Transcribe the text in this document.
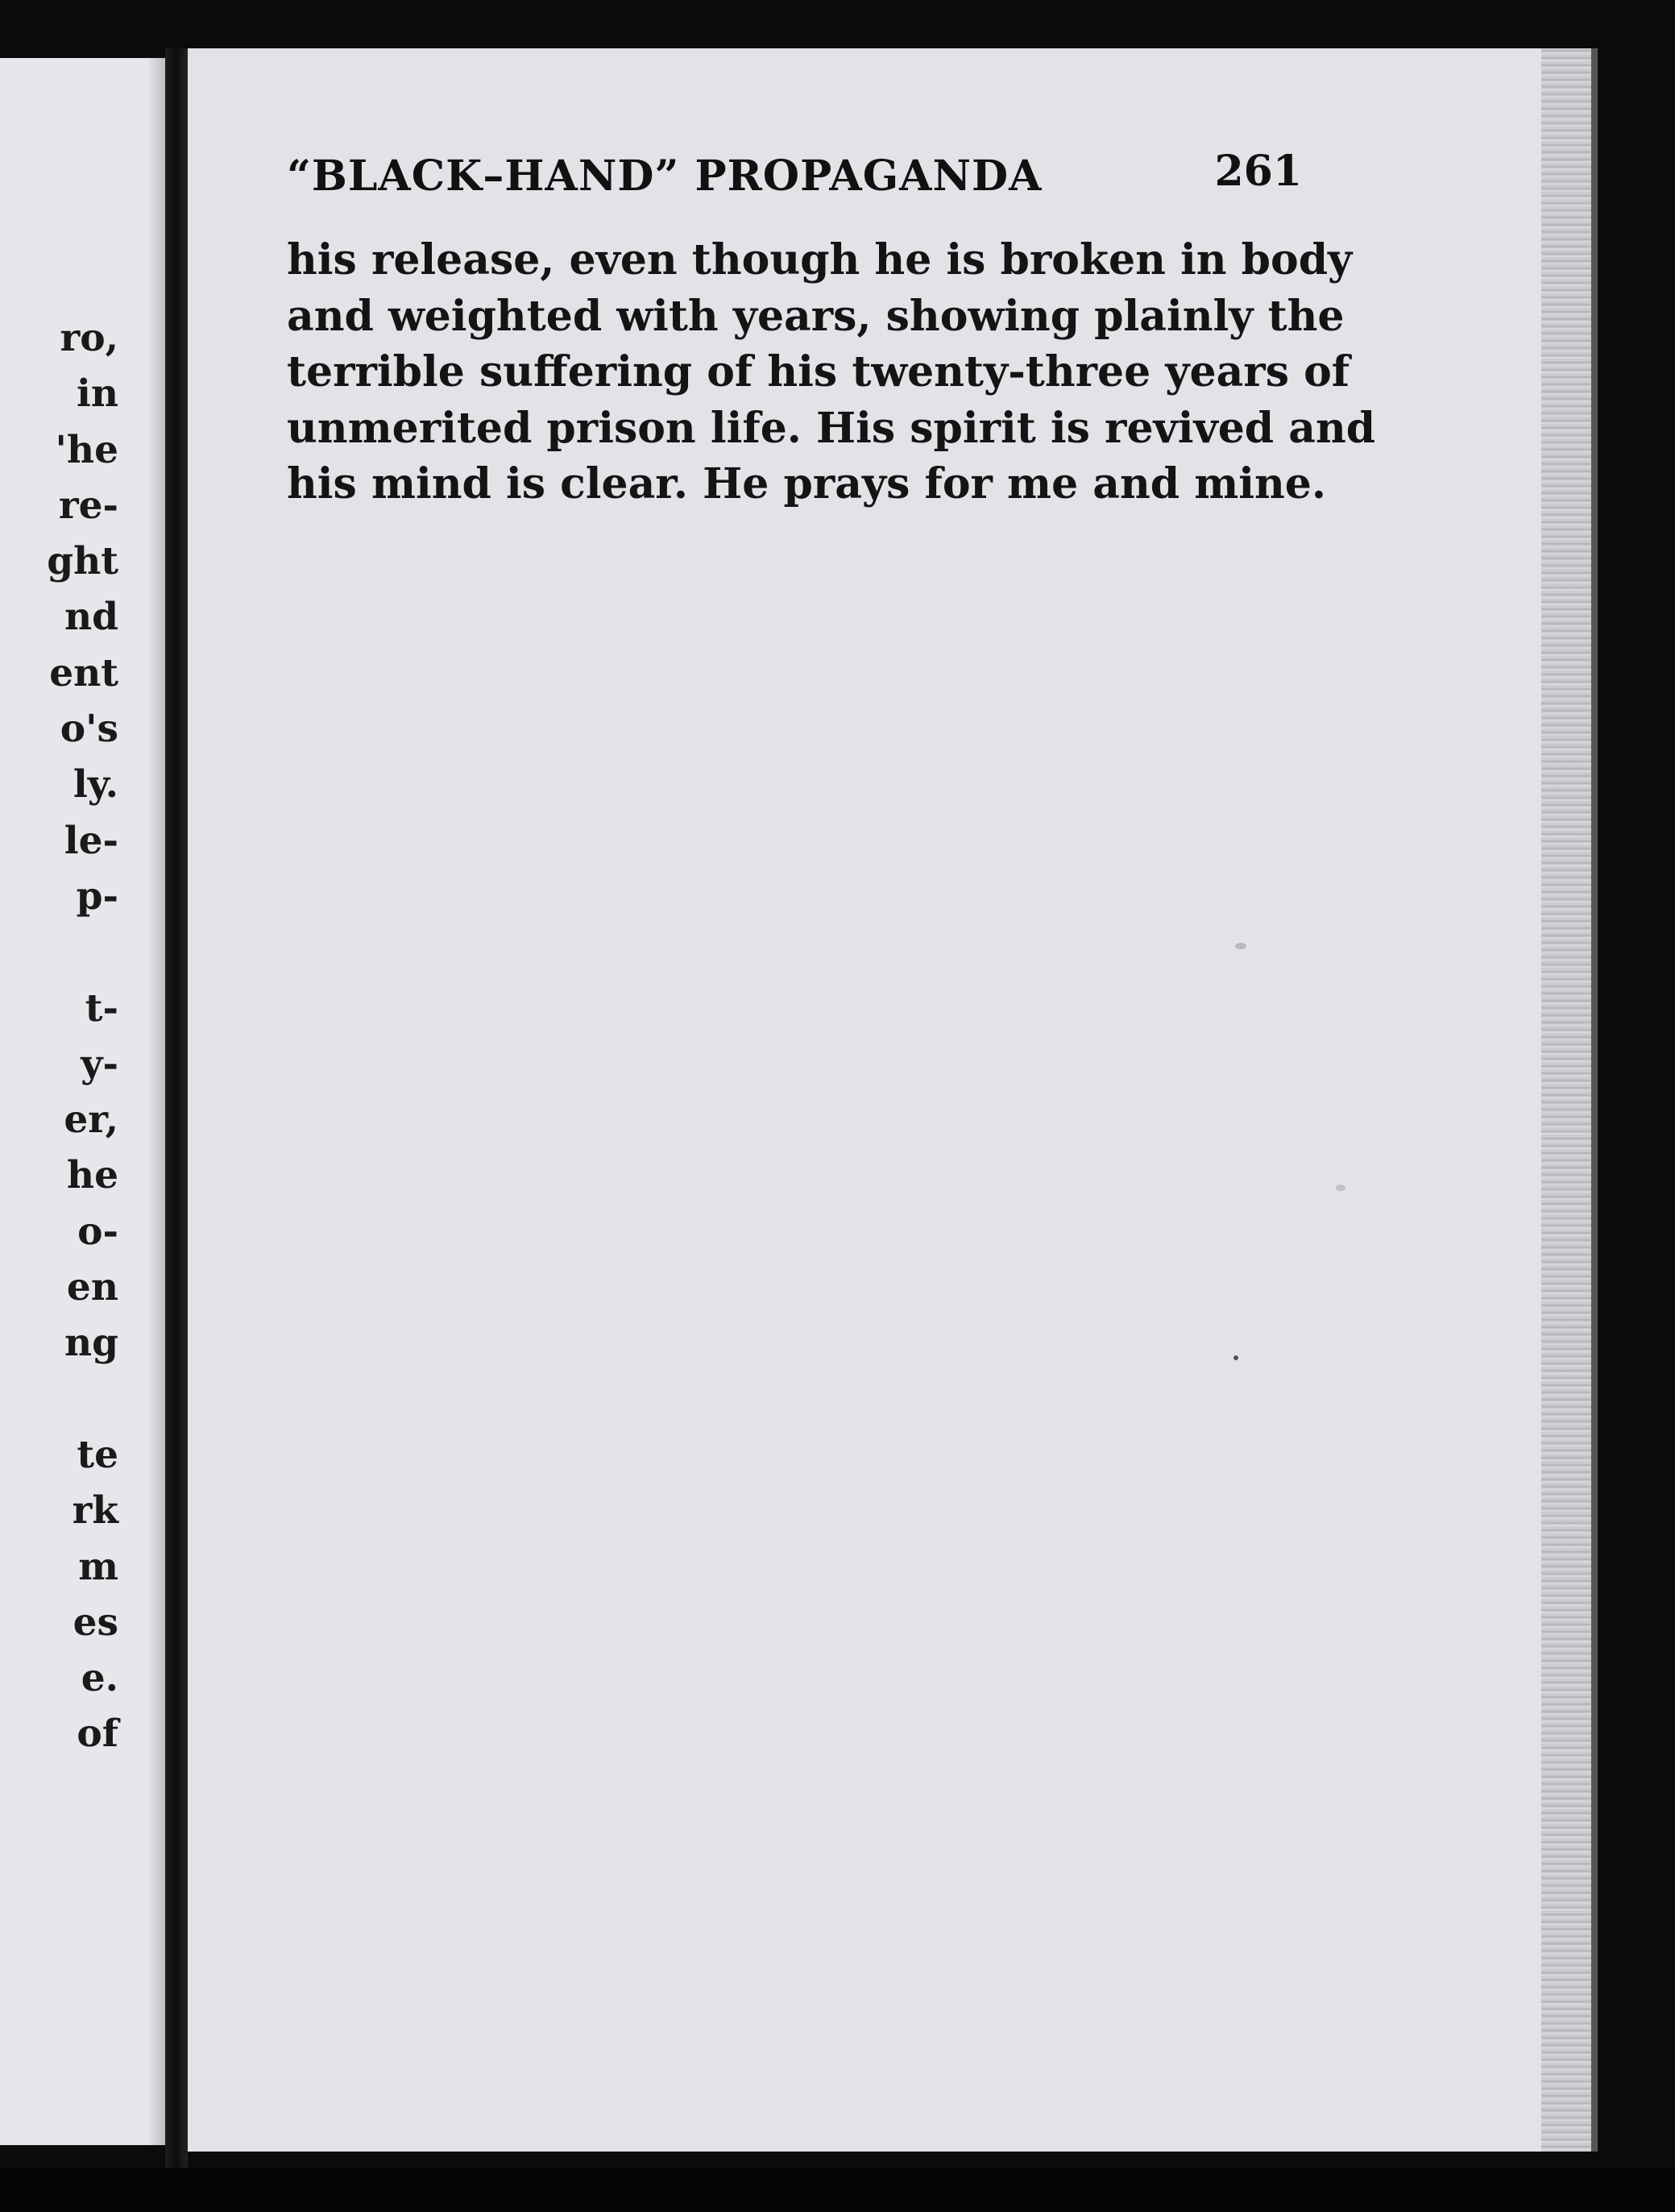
ro,
in
'he
re-
ght
nd
ent
o's
ly.
le-
p-
t-
y-
er,
he
o-
en
ng
te
rk
m
es
e.
of
“BLACK–HAND” PROPAGANDA	261
his release, even though he is broken in body
and weighted with years, showing plainly the
terrible suffering of his twenty-three years of
unmerited prison life. His spirit is revived and
his mind is clear. He prays for me and mine.
